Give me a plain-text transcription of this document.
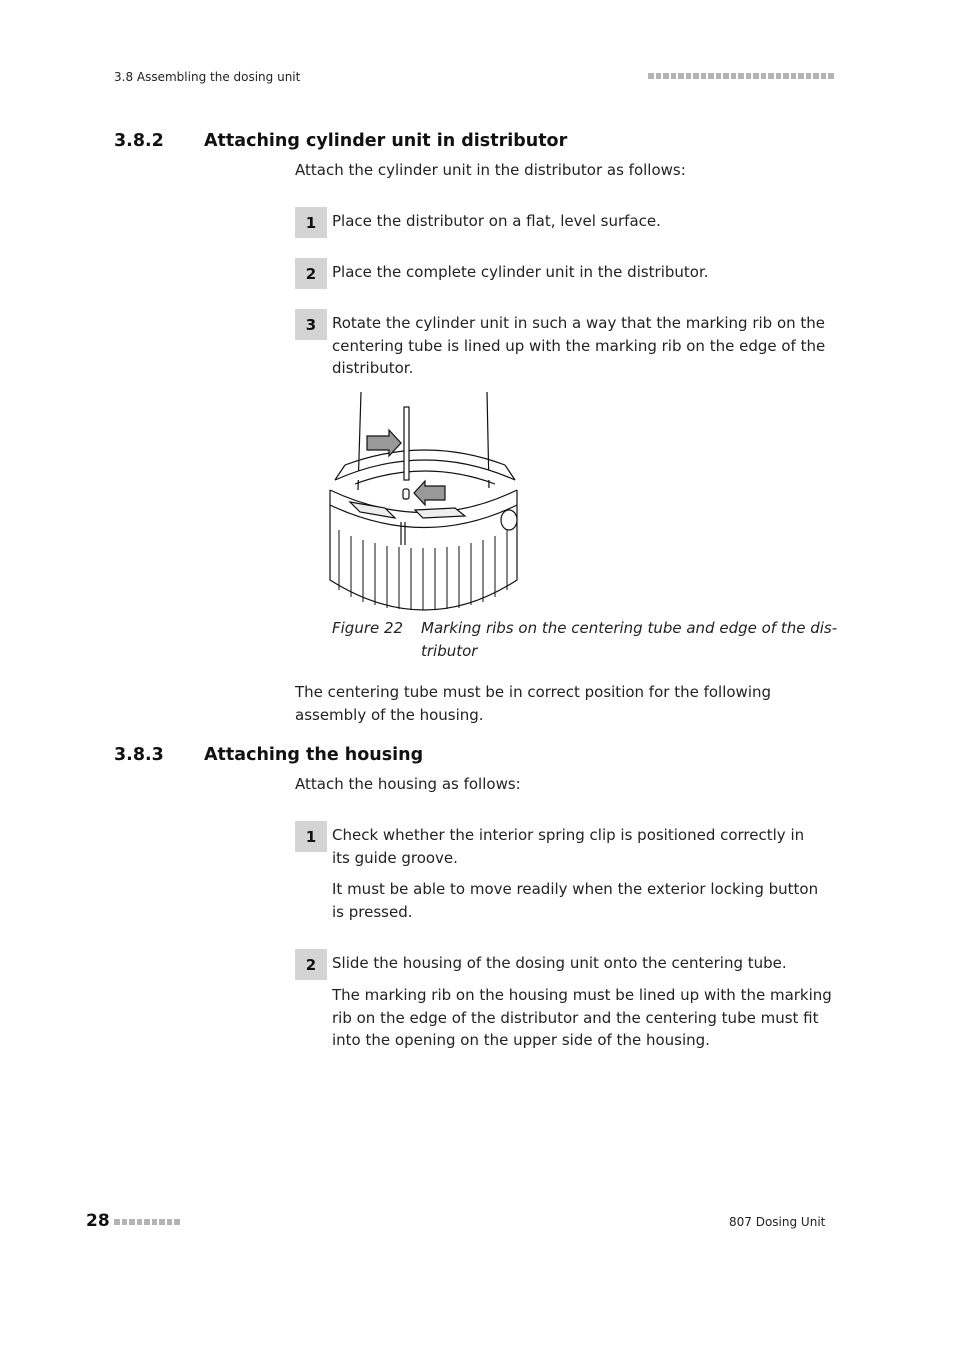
3.8 Assembling the dosing unit
3.8.2 Attaching cylinder unit in distributor
Attach the cylinder unit in the distributor as follows:
1	Place the distributor on a flat, level surface.
2	Place the complete cylinder unit in the distributor.
3	Rotate the cylinder unit in such a way that the marking rib on the centering tube is lined up with the marking rib on the edge of the distributor.
Figure 22 Marking ribs on the centering tube and edge of the dis-
tributor
The centering tube must be in correct position for the following assembly of the housing.
3.8.3 Attaching the housing
Attach the housing as follows:
1	Check whether the interior spring clip is positioned correctly in its guide groove.
It must be able to move readily when the exterior locking button is pressed.
2	Slide the housing of the dosing unit onto the centering tube.
The marking rib on the housing must be lined up with the marking rib on the edge of the distributor and the centering tube must fit into the opening on the upper side of the housing.
28	807 Dosing Unit
